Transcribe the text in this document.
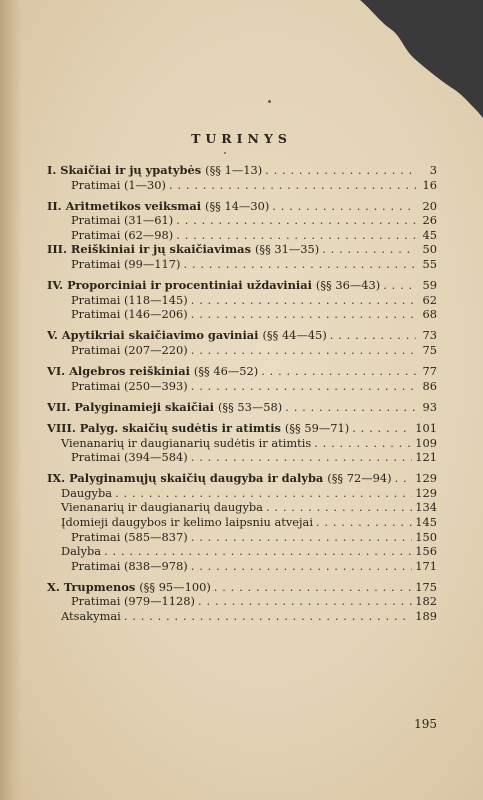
TURINYS
I. Skaičiai ir jų ypatybės (§§ 1—13) . . .	3
Pratimai (1—30) . . .	16
II. Aritmetikos veiksmai (§§ 14—30) . . .	20
Pratimai (31—61) . . .	26
Pratimai (62—98) . . .	45
III. Reiškiniai ir jų skaičiavimas (§§ 31—35) . . .	50
Pratimai (99—117) . . .	55
IV. Proporciniai ir procentiniai uždaviniai (§§ 36—43) . . .	59
Pratimai (118—145) . . .	62
Pratimai (146—206) . . .	68
V. Apytikriai skaičiavimo gaviniai (§§ 44—45) . . .	73
Pratimai (207—220) . . .	75
VI. Algebros reiškiniai (§§ 46—52) . . .	77
Pratimai (250—393) . . .	86
VII. Palyginamieji skaičiai (§§ 53—58) . . .	93
VIII. Palyg. skaičių sudėtis ir atimtis (§§ 59—71) . . .	101
Vienanarių ir daugianarių sudėtis ir atimtis . . .	109
Pratimai (394—584) . . .	121
IX. Palyginamųjų skaičių daugyba ir dalyba (§§ 72—94) . . . 129
Daugyba . . .	129
Vienanarių ir daugianarių daugyba . . .	134
Įdomieji daugybos ir kelimo laipsniu atvejai . . .	145
Pratimai (585—837) . . .	150
Dalyba . . .	156
Pratimai (838—978) . . .	171
X. Trupmenos (§§ 95—100) . . .	175
Pratimai (979—1128) . . .	182
Atsakymai . . .	189
195
